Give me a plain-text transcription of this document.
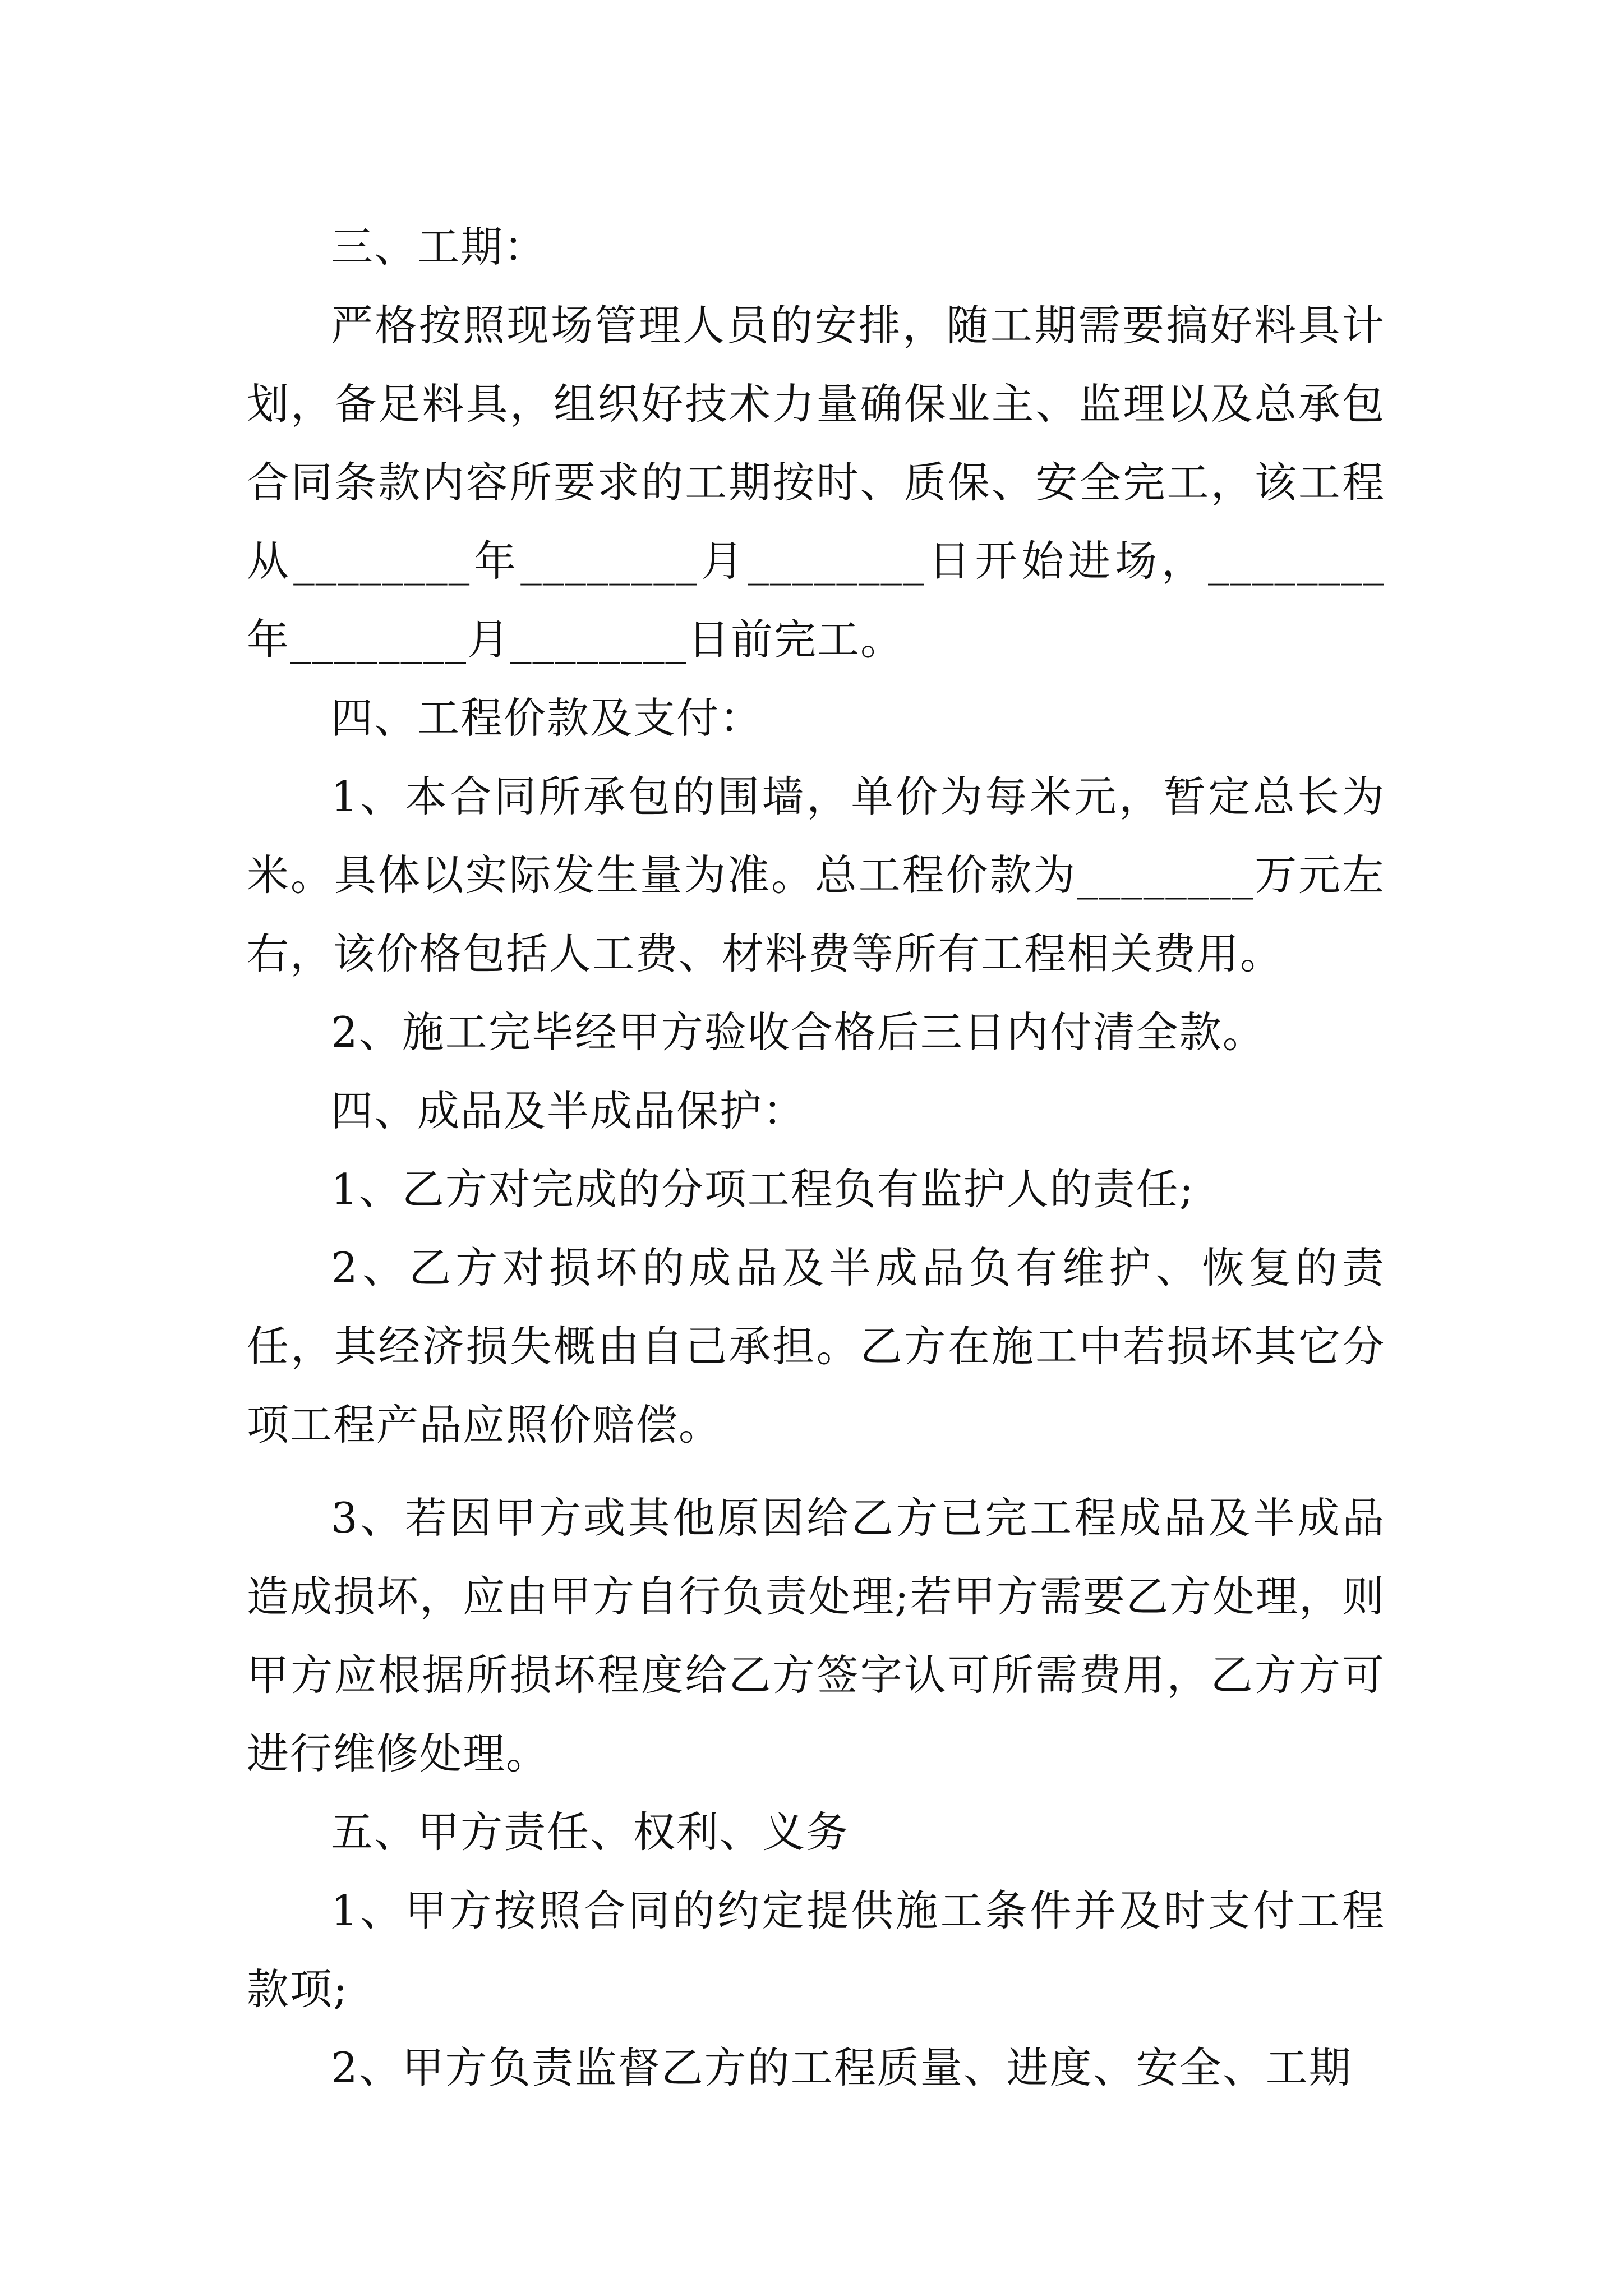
三、工期：

严格按照现场管理人员的安排，随工期需要搞好料具计划，备足料具，组织好技术力量确保业主、监理以及总承包合同条款内容所要求的工期按时、质保、安全完工，该工程从________年________月________日开始进场，________年________月________日前完工。

四、工程价款及支付：

1、本合同所承包的围墙，单价为每米元，暂定总长为米。具体以实际发生量为准。总工程价款为________万元左右，该价格包括人工费、材料费等所有工程相关费用。

2、施工完毕经甲方验收合格后三日内付清全款。

四、成品及半成品保护：

1、乙方对完成的分项工程负有监护人的责任;

2、乙方对损坏的成品及半成品负有维护、恢复的责任，其经济损失概由自己承担。乙方在施工中若损坏其它分项工程产品应照价赔偿。

3、若因甲方或其他原因给乙方已完工程成品及半成品造成损坏，应由甲方自行负责处理;若甲方需要乙方处理，则甲方应根据所损坏程度给乙方签字认可所需费用，乙方方可进行维修处理。

五、甲方责任、权利、义务

1、甲方按照合同的约定提供施工条件并及时支付工程款项;

2、甲方负责监督乙方的工程质量、进度、安全、工期
